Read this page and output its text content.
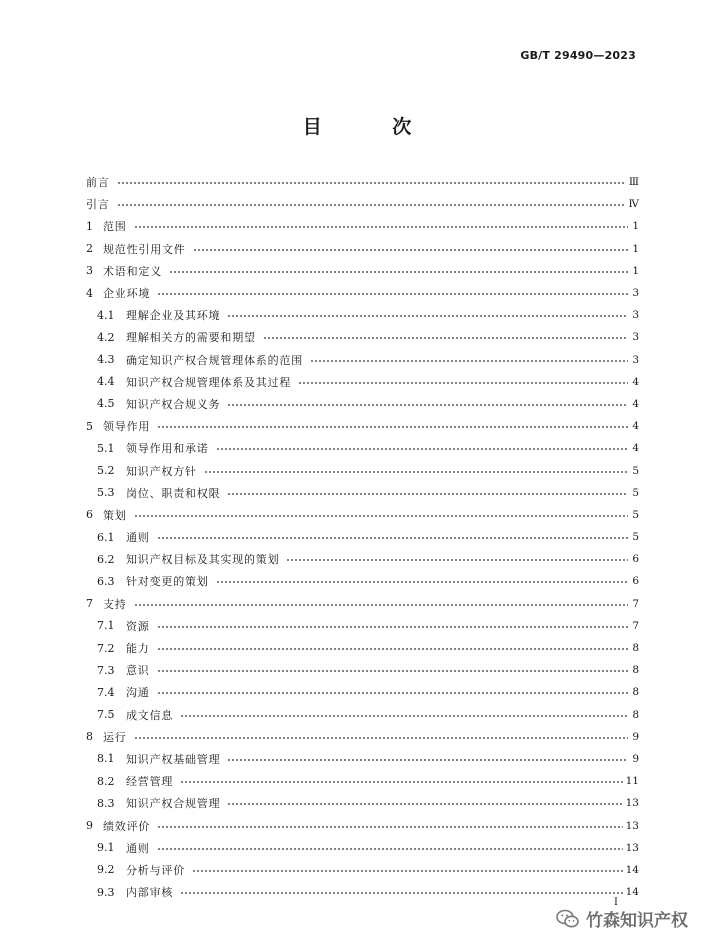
GB/T 29490—2023
目 次
前言	Ⅲ
引言	Ⅳ
1 范围	1
2 规范性引用文件	1
3 术语和定义	1
4 企业环境	3
4.1	理解企业及其环境	3
4.2	理解相关方的需要和期望	3
4.3	确定知识产权合规管理体系的范围	3
4.4	知识产权合规管理体系及其过程	4
4.5	知识产权合规义务	4
5 领导作用	4
5.1	领导作用和承诺	4
5.2	知识产权方针	5
5.3	岗位、职责和权限	5
6 策划	5
6.1	通则	5
6.2	知识产权目标及其实现的策划	6
6.3	针对变更的策划	6
7 支持	7
7.1	资源	7
7.2	能力	8
7.3	意识	8
7.4	沟通	8
7.5	成文信息	8
8 运行	9
8.1	知识产权基础管理	9
8.2	经营管理	11
8.3	知识产权合规管理	13
9 绩效评价	13
9.1	通则	13
9.2	分析与评价	14
9.3	内部审核	14
I
竹森知识产权
